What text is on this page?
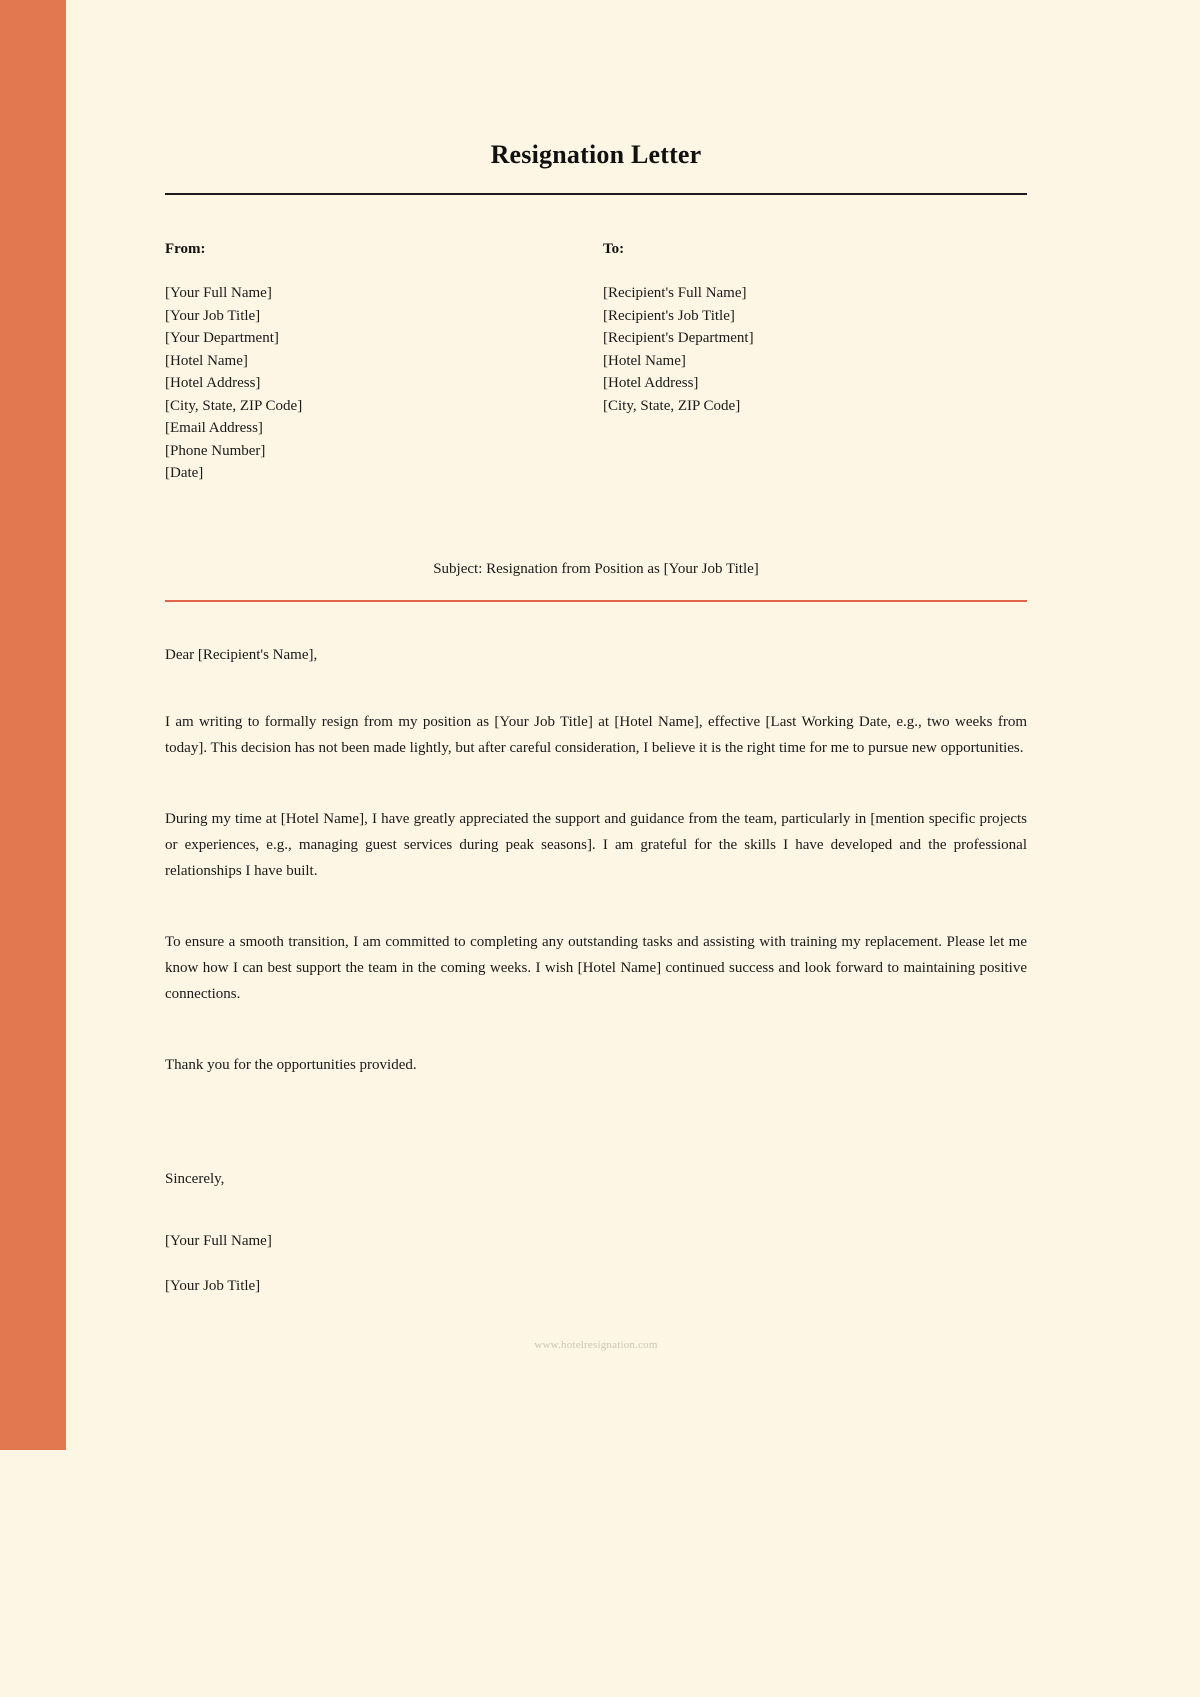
Resignation Letter
From:
[Your Full Name]
[Your Job Title]
[Your Department]
[Hotel Name]
[Hotel Address]
[City, State, ZIP Code]
[Email Address]
[Phone Number]
[Date]
To:
[Recipient's Full Name]
[Recipient's Job Title]
[Recipient's Department]
[Hotel Name]
[Hotel Address]
[City, State, ZIP Code]
Subject: Resignation from Position as [Your Job Title]
Dear [Recipient's Name],

I am writing to formally resign from my position as [Your Job Title] at [Hotel Name], effective [Last Working Date, e.g., two weeks from today]. This decision has not been made lightly, but after careful consideration, I believe it is the right time for me to pursue new opportunities.

During my time at [Hotel Name], I have greatly appreciated the support and guidance from the team, particularly in [mention specific projects or experiences, e.g., managing guest services during peak seasons]. I am grateful for the skills I have developed and the professional relationships I have built.

To ensure a smooth transition, I am committed to completing any outstanding tasks and assisting with training my replacement. Please let me know how I can best support the team in the coming weeks. I wish [Hotel Name] continued success and look forward to maintaining positive connections.

Thank you for the opportunities provided.

Sincerely,
[Your Full Name]
[Your Job Title]
www.hotelresignation.com
